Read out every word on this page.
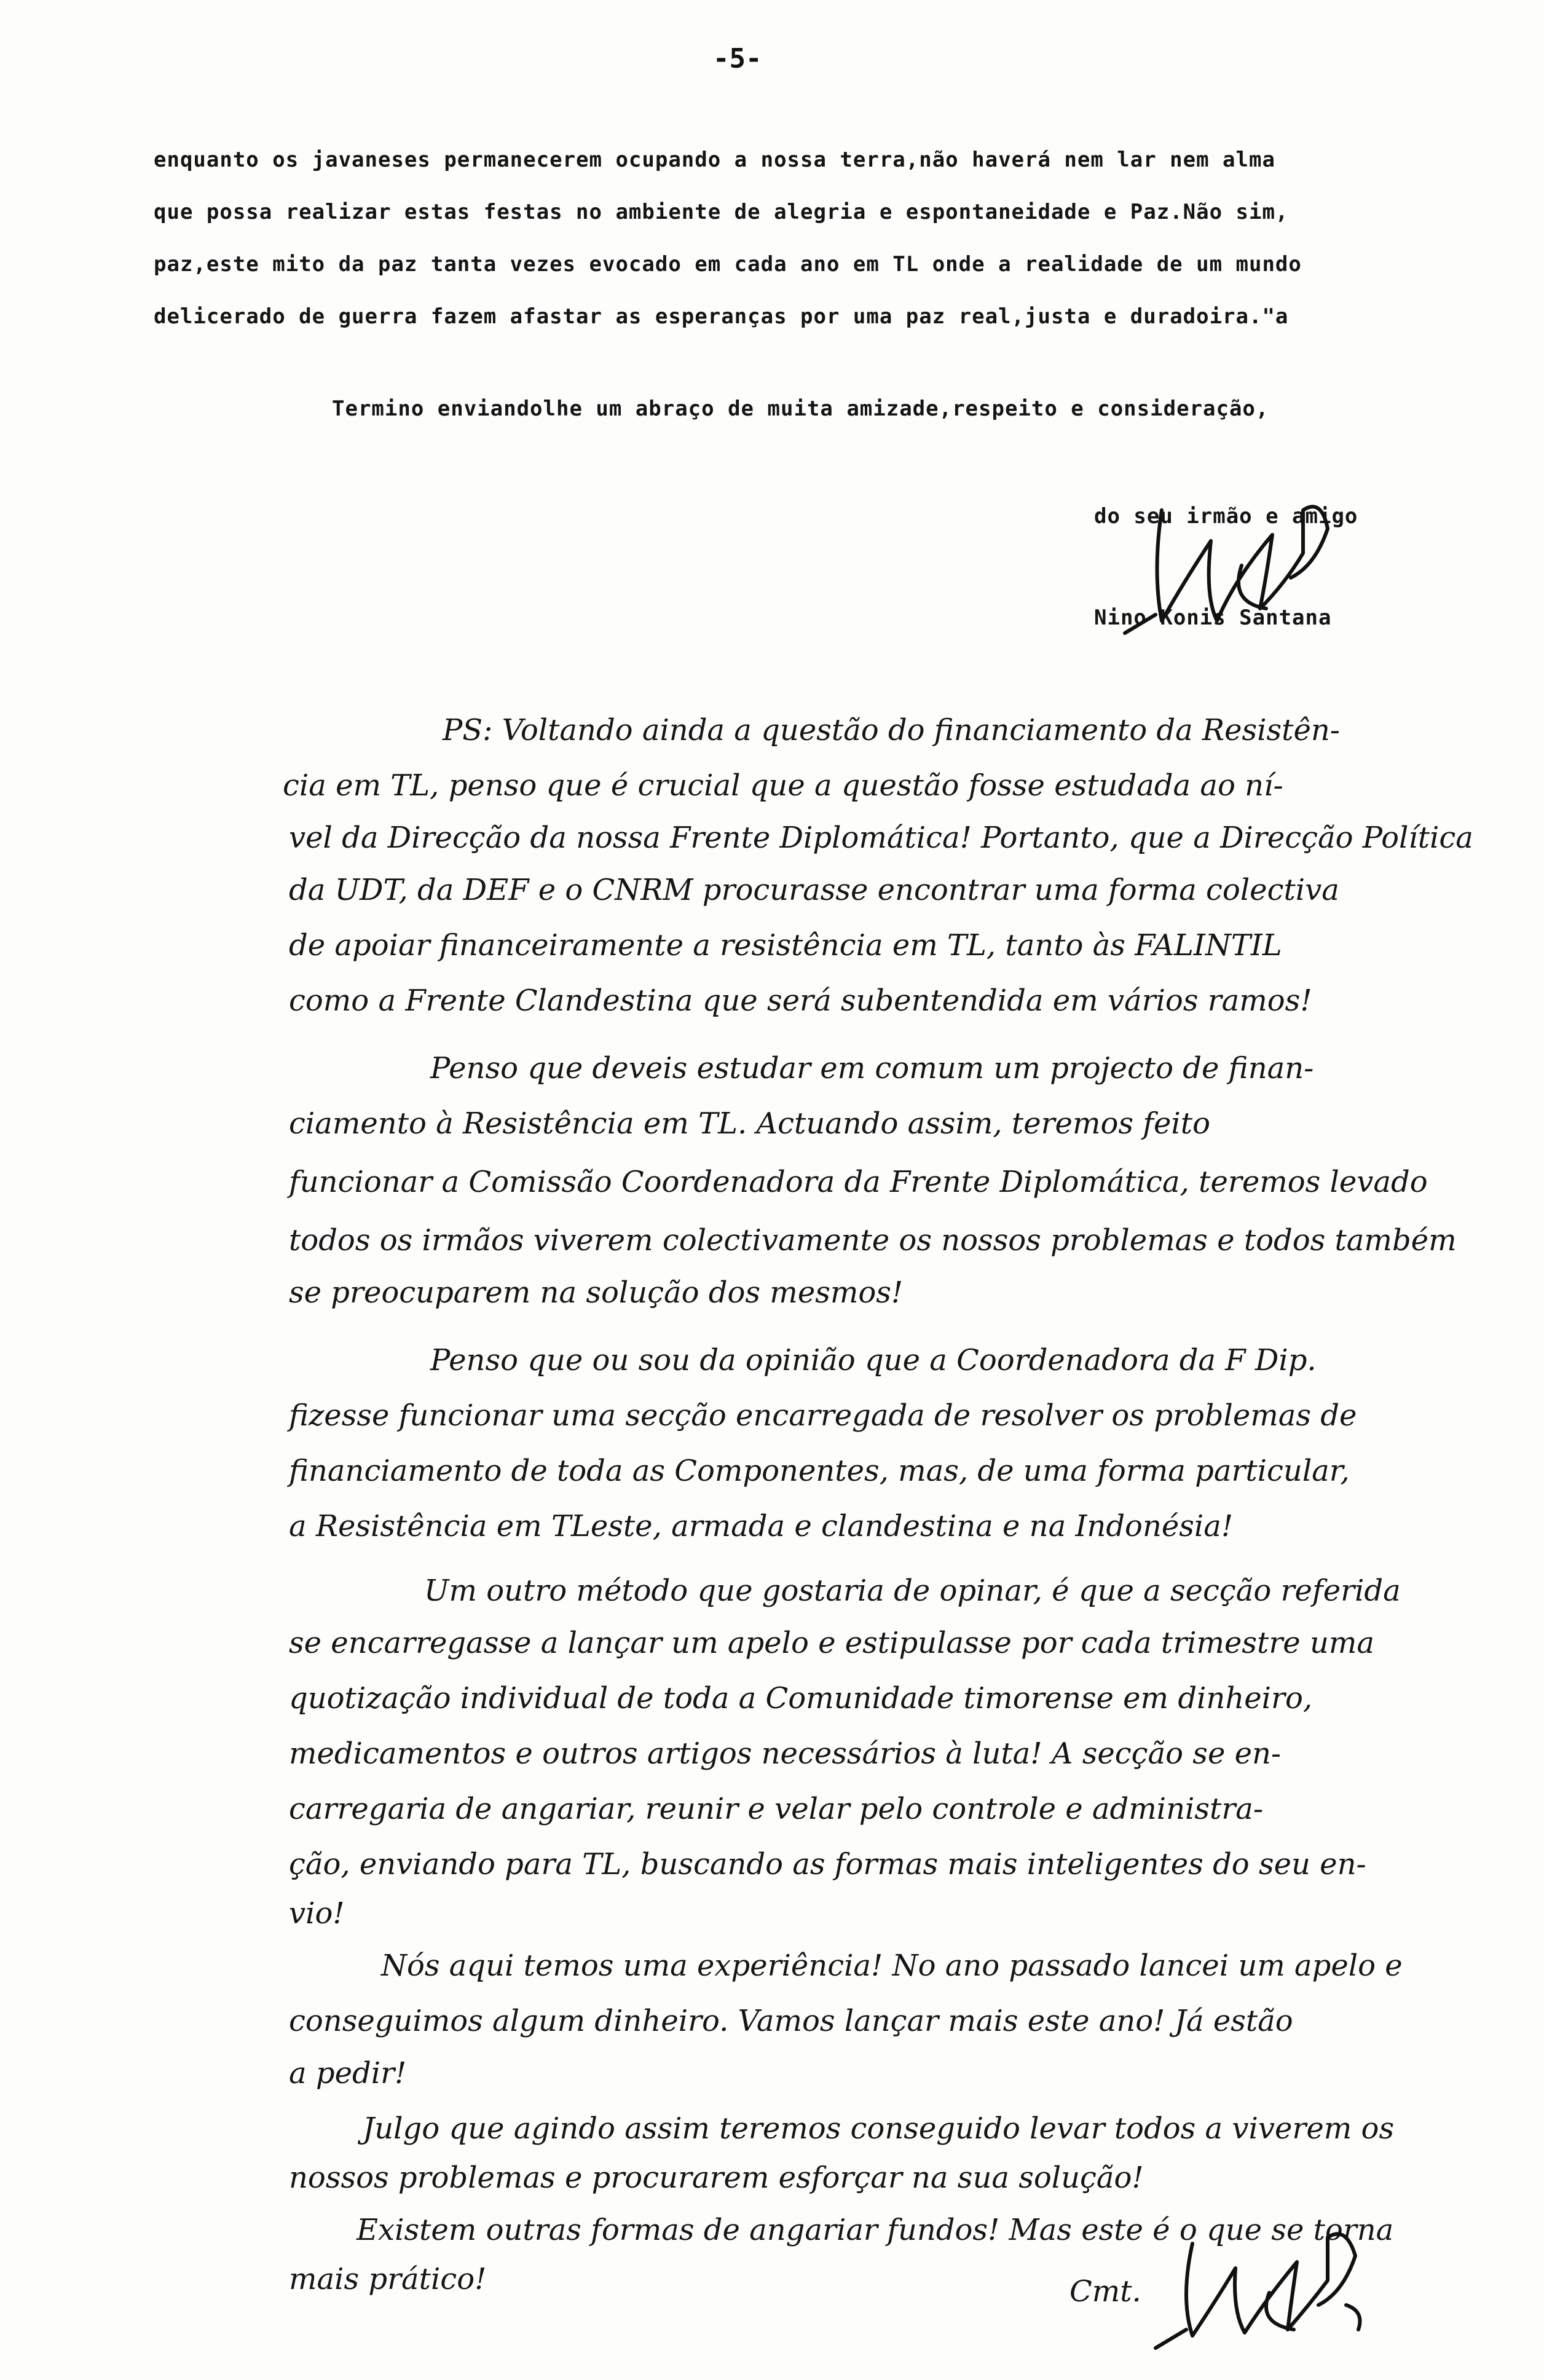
-5-
enquanto os javaneses permanecerem ocupando a nossa terra,não haverá nem lar nem alma
que possa realizar estas festas no ambiente de alegria e espontaneidade e Paz.Não sim,
paz,este mito da paz tanta vezes evocado em cada ano em TL onde a realidade de um mundo
delicerado de guerra fazem afastar as esperanças por uma paz real,justa e duradoira."a
Termino enviandolhe um abraço de muita amizade,respeito e consideração,
do seu irmão e amigo
Nino Konis Santana
PS: Voltando ainda a questão do financiamento da Resistên-
cia em TL, penso que é crucial que a questão fosse estudada ao ní-
vel da Direcção da nossa Frente Diplomática! Portanto, que a Direcção Política
da UDT, da DEF e o CNRM procurasse encontrar uma forma colectiva
de apoiar financeiramente a resistência em TL, tanto às FALINTIL
como a Frente Clandestina que será subentendida em vários ramos!
Penso que deveis estudar em comum um projecto de finan-
ciamento à Resistência em TL. Actuando assim, teremos feito
funcionar a Comissão Coordenadora da Frente Diplomática, teremos levado
todos os irmãos viverem colectivamente os nossos problemas e todos também
se preocuparem na solução dos mesmos!
Penso que ou sou da opinião que a Coordenadora da F Dip.
fizesse funcionar uma secção encarregada de resolver os problemas de
financiamento de toda as Componentes, mas, de uma forma particular,
a Resistência em TLeste, armada e clandestina e na Indonésia!
Um outro método que gostaria de opinar, é que a secção referida
se encarregasse a lançar um apelo e estipulasse por cada trimestre uma
quotização individual de toda a Comunidade timorense em dinheiro,
medicamentos e outros artigos necessários à luta! A secção se en-
carregaria de angariar, reunir e velar pelo controle e administra-
ção, enviando para TL, buscando as formas mais inteligentes do seu en-
vio!
Nós aqui temos uma experiência! No ano passado lancei um apelo e
conseguimos algum dinheiro. Vamos lançar mais este ano! Já estão
a pedir!
Julgo que agindo assim teremos conseguido levar todos a viverem os
nossos problemas e procurarem esforçar na sua solução!
Existem outras formas de angariar fundos! Mas este é o que se torna
mais prático!	Cmt.
